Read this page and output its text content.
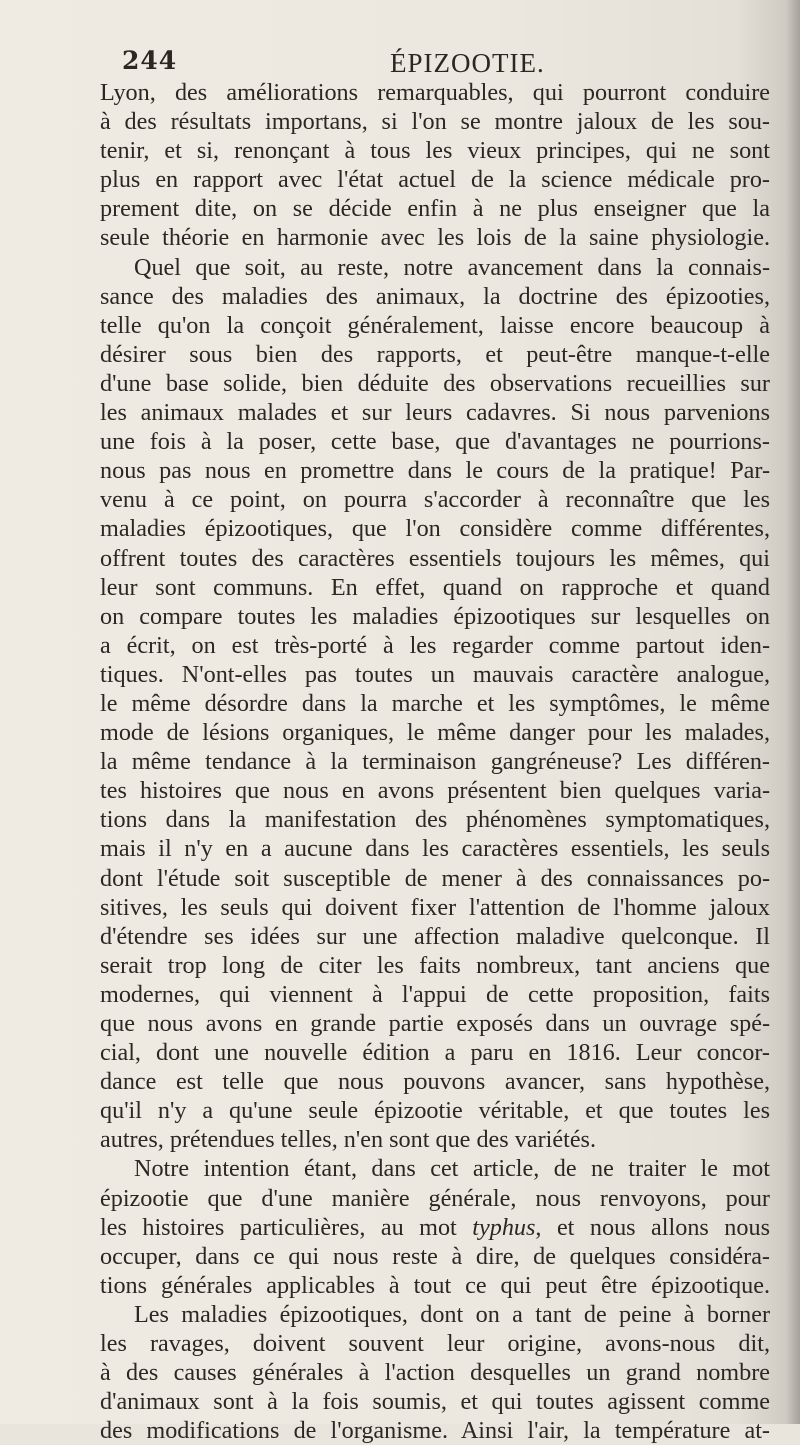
244	ÉPIZOOTIE.
Lyon, des améliorations remarquables, qui pourront conduire
à des résultats importans, si l'on se montre jaloux de les sou-
tenir, et si, renonçant à tous les vieux principes, qui ne sont
plus en rapport avec l'état actuel de la science médicale pro-
prement dite, on se décide enfin à ne plus enseigner que la
seule théorie en harmonie avec les lois de la saine physiologie.
Quel que soit, au reste, notre avancement dans la connais-
sance des maladies des animaux, la doctrine des épizooties,
telle qu'on la conçoit généralement, laisse encore beaucoup à
désirer sous bien des rapports, et peut-être manque-t-elle
d'une base solide, bien déduite des observations recueillies sur
les animaux malades et sur leurs cadavres. Si nous parvenions
une fois à la poser, cette base, que d'avantages ne pourrions-
nous pas nous en promettre dans le cours de la pratique! Par-
venu à ce point, on pourra s'accorder à reconnaître que les
maladies épizootiques, que l'on considère comme différentes,
offrent toutes des caractères essentiels toujours les mêmes, qui
leur sont communs. En effet, quand on rapproche et quand
on compare toutes les maladies épizootiques sur lesquelles on
a écrit, on est très-porté à les regarder comme partout iden-
tiques. N'ont-elles pas toutes un mauvais caractère analogue,
le même désordre dans la marche et les symptômes, le même
mode de lésions organiques, le même danger pour les malades,
la même tendance à la terminaison gangréneuse? Les différen-
tes histoires que nous en avons présentent bien quelques varia-
tions dans la manifestation des phénomènes symptomatiques,
mais il n'y en a aucune dans les caractères essentiels, les seuls
dont l'étude soit susceptible de mener à des connaissances po-
sitives, les seuls qui doivent fixer l'attention de l'homme jaloux
d'étendre ses idées sur une affection maladive quelconque. Il
serait trop long de citer les faits nombreux, tant anciens que
modernes, qui viennent à l'appui de cette proposition, faits
que nous avons en grande partie exposés dans un ouvrage spé-
cial, dont une nouvelle édition a paru en 1816. Leur concor-
dance est telle que nous pouvons avancer, sans hypothèse,
qu'il n'y a qu'une seule épizootie véritable, et que toutes les
autres, prétendues telles, n'en sont que des variétés.
Notre intention étant, dans cet article, de ne traiter le mot
épizootie que d'une manière générale, nous renvoyons, pour
les histoires particulières, au mot typhus, et nous allons nous
occuper, dans ce qui nous reste à dire, de quelques considéra-
tions générales applicables à tout ce qui peut être épizootique.
Les maladies épizootiques, dont on a tant de peine à borner
les ravages, doivent souvent leur origine, avons-nous dit,
à des causes générales à l'action desquelles un grand nombre
d'animaux sont à la fois soumis, et qui toutes agissent comme
des modifications de l'organisme. Ainsi l'air, la température at-
